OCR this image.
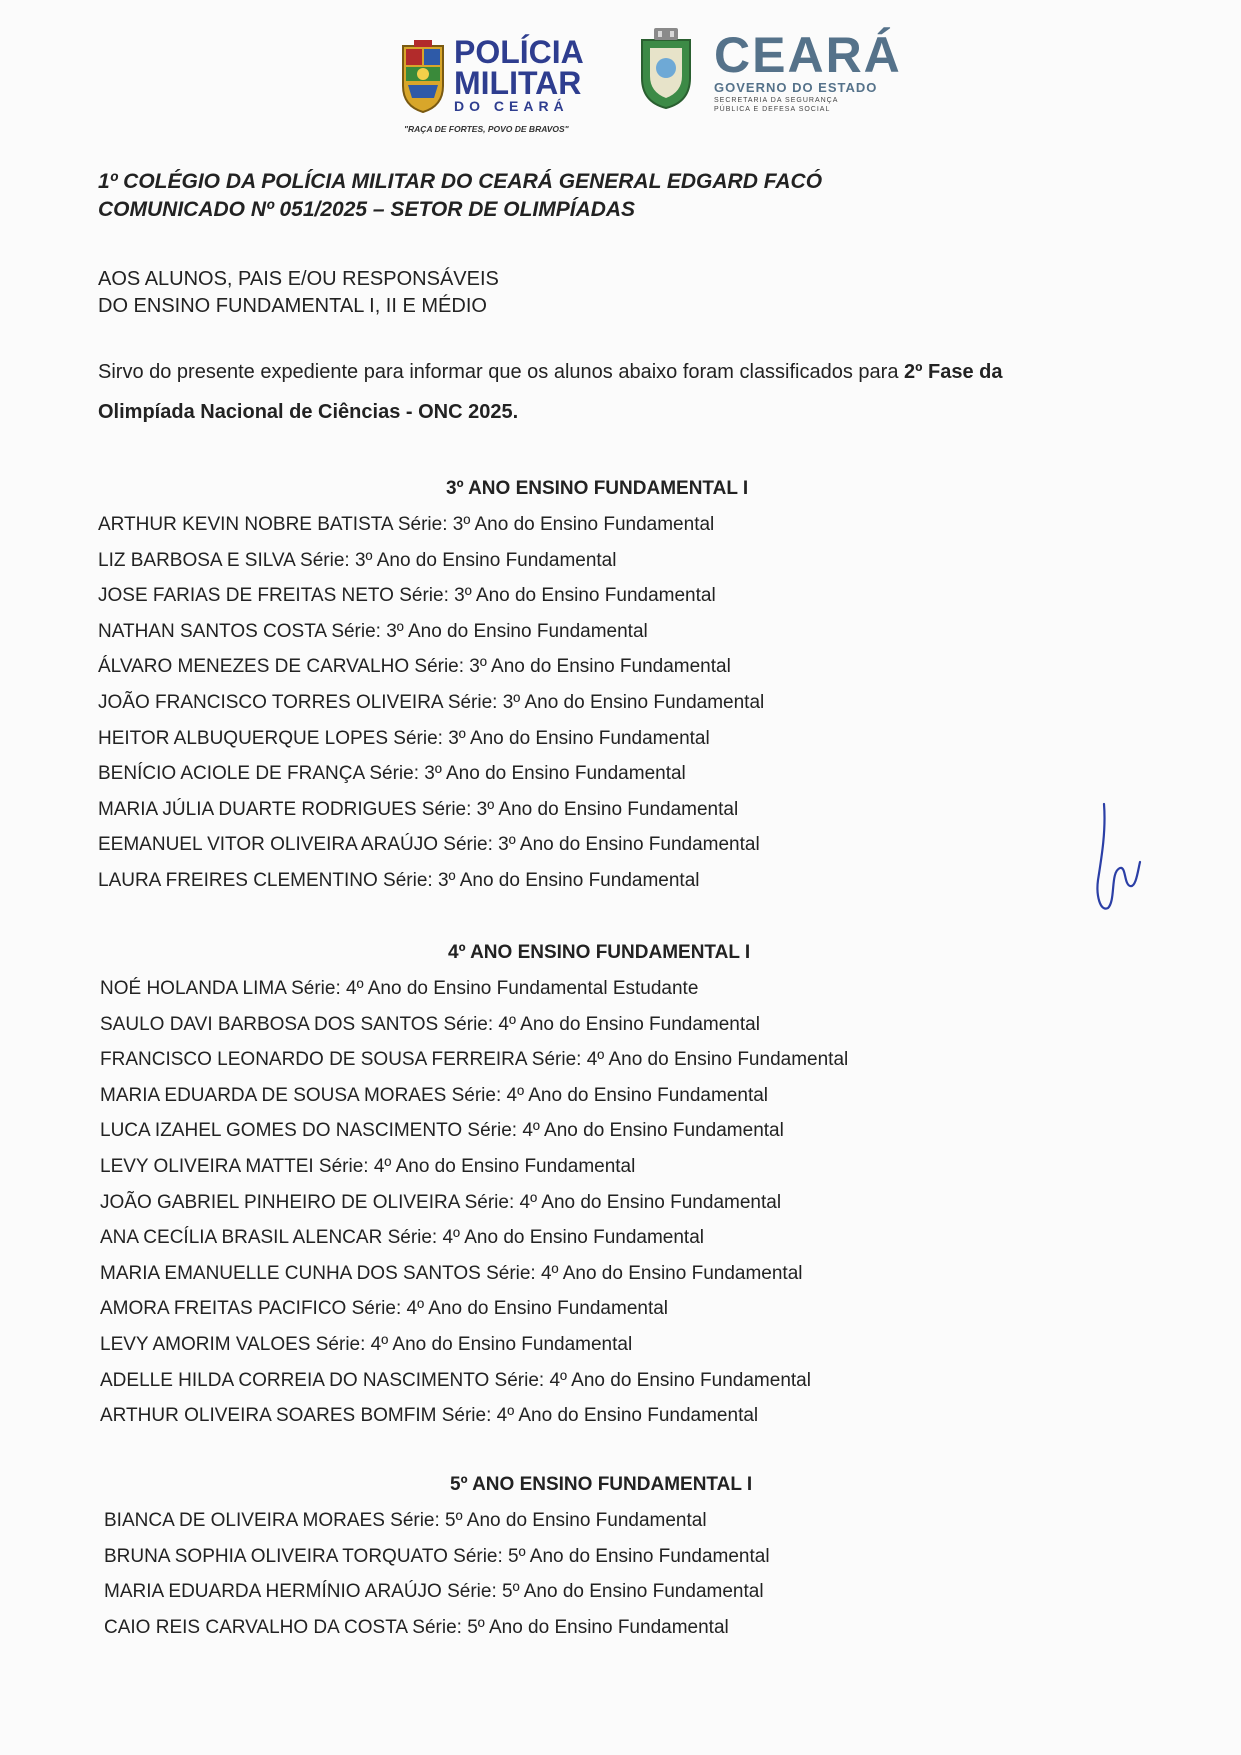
POLÍCIA
MILITAR
DO CEARÁ
"RAÇA DE FORTES, POVO DE BRAVOS"
CEARÁ
GOVERNO DO ESTADO
SECRETARIA DA SEGURANÇA
PÚBLICA E DEFESA SOCIAL
1º COLÉGIO DA POLÍCIA MILITAR DO CEARÁ GENERAL EDGARD FACÓ
COMUNICADO Nº 051/2025 – SETOR DE OLIMPÍADAS
AOS ALUNOS, PAIS E/OU RESPONSÁVEIS
DO ENSINO FUNDAMENTAL I, II E MÉDIO
Sirvo do presente expediente para informar que os alunos abaixo foram classificados para 2º Fase da
Olimpíada Nacional de Ciências - ONC 2025.
3º ANO ENSINO FUNDAMENTAL I
ARTHUR KEVIN NOBRE BATISTA Série: 3º Ano do Ensino Fundamental
LIZ BARBOSA E SILVA Série: 3º Ano do Ensino Fundamental
JOSE FARIAS DE FREITAS NETO Série: 3º Ano do Ensino Fundamental
NATHAN SANTOS COSTA Série: 3º Ano do Ensino Fundamental
ÁLVARO MENEZES DE CARVALHO Série: 3º Ano do Ensino Fundamental
JOÃO FRANCISCO TORRES OLIVEIRA Série: 3º Ano do Ensino Fundamental
HEITOR ALBUQUERQUE LOPES Série: 3º Ano do Ensino Fundamental
BENÍCIO ACIOLE DE FRANÇA Série: 3º Ano do Ensino Fundamental
MARIA JÚLIA DUARTE RODRIGUES Série: 3º Ano do Ensino Fundamental
EEMANUEL VITOR OLIVEIRA ARAÚJO Série: 3º Ano do Ensino Fundamental
LAURA FREIRES CLEMENTINO Série: 3º Ano do Ensino Fundamental
4º ANO ENSINO FUNDAMENTAL I
NOÉ HOLANDA LIMA Série: 4º Ano do Ensino Fundamental Estudante
SAULO DAVI BARBOSA DOS SANTOS Série: 4º Ano do Ensino Fundamental
FRANCISCO LEONARDO DE SOUSA FERREIRA Série: 4º Ano do Ensino Fundamental
MARIA EDUARDA DE SOUSA MORAES Série: 4º Ano do Ensino Fundamental
LUCA IZAHEL GOMES DO NASCIMENTO Série: 4º Ano do Ensino Fundamental
LEVY OLIVEIRA MATTEI Série: 4º Ano do Ensino Fundamental
JOÃO GABRIEL PINHEIRO DE OLIVEIRA Série: 4º Ano do Ensino Fundamental
ANA CECÍLIA BRASIL ALENCAR Série: 4º Ano do Ensino Fundamental
MARIA EMANUELLE CUNHA DOS SANTOS Série: 4º Ano do Ensino Fundamental
AMORA FREITAS PACIFICO Série: 4º Ano do Ensino Fundamental
LEVY AMORIM VALOES Série: 4º Ano do Ensino Fundamental
ADELLE HILDA CORREIA DO NASCIMENTO Série: 4º Ano do Ensino Fundamental
ARTHUR OLIVEIRA SOARES BOMFIM Série: 4º Ano do Ensino Fundamental
5º ANO ENSINO FUNDAMENTAL I
BIANCA DE OLIVEIRA MORAES Série: 5º Ano do Ensino Fundamental
BRUNA SOPHIA OLIVEIRA TORQUATO Série: 5º Ano do Ensino Fundamental
MARIA EDUARDA HERMÍNIO ARAÚJO Série: 5º Ano do Ensino Fundamental
CAIO REIS CARVALHO DA COSTA Série: 5º Ano do Ensino Fundamental
